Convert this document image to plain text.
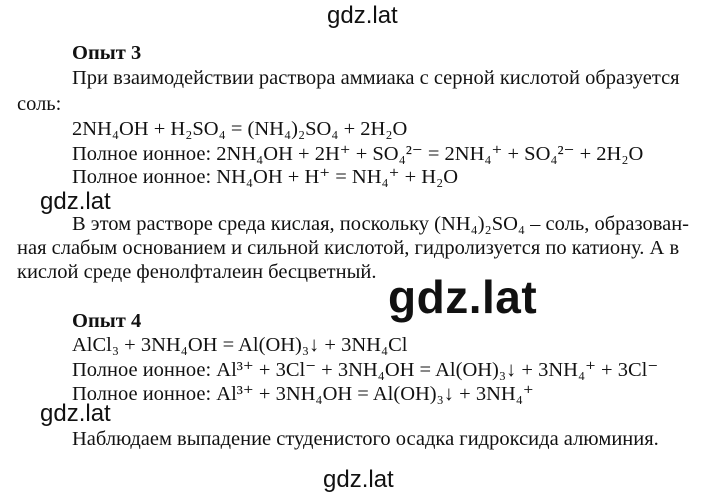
gdz.lat
gdz.lat
gdz.lat
gdz.lat
gdz.lat
Опыт 3
При взаимодействии раствора аммиака с серной кислотой образуется
соль:
2NH₄OH + H₂SO₄ = (NH₄)₂SO₄ + 2H₂O
Полное ионное: 2NH₄OH + 2H⁺ + SO₄²⁻ = 2NH₄⁺ + SO₄²⁻ + 2H₂O
Полное ионное: NH₄OH + H⁺ = NH₄⁺ + H₂O
В этом растворе среда кислая, поскольку (NH₄)₂SO₄ – соль, образован-
ная слабым основанием и сильной кислотой, гидролизуется по катиону. А в
кислой среде фенолфталеин бесцветный.
Опыт 4
AlCl₃ + 3NH₄OH = Al(OH)₃↓ + 3NH₄Cl
Полное ионное: Al³⁺ + 3Cl⁻ + 3NH₄OH = Al(OH)₃↓ + 3NH₄⁺ + 3Cl⁻
Полное ионное: Al³⁺ + 3NH₄OH = Al(OH)₃↓ + 3NH₄⁺
Наблюдаем выпадение студенистого осадка гидроксида алюминия.
